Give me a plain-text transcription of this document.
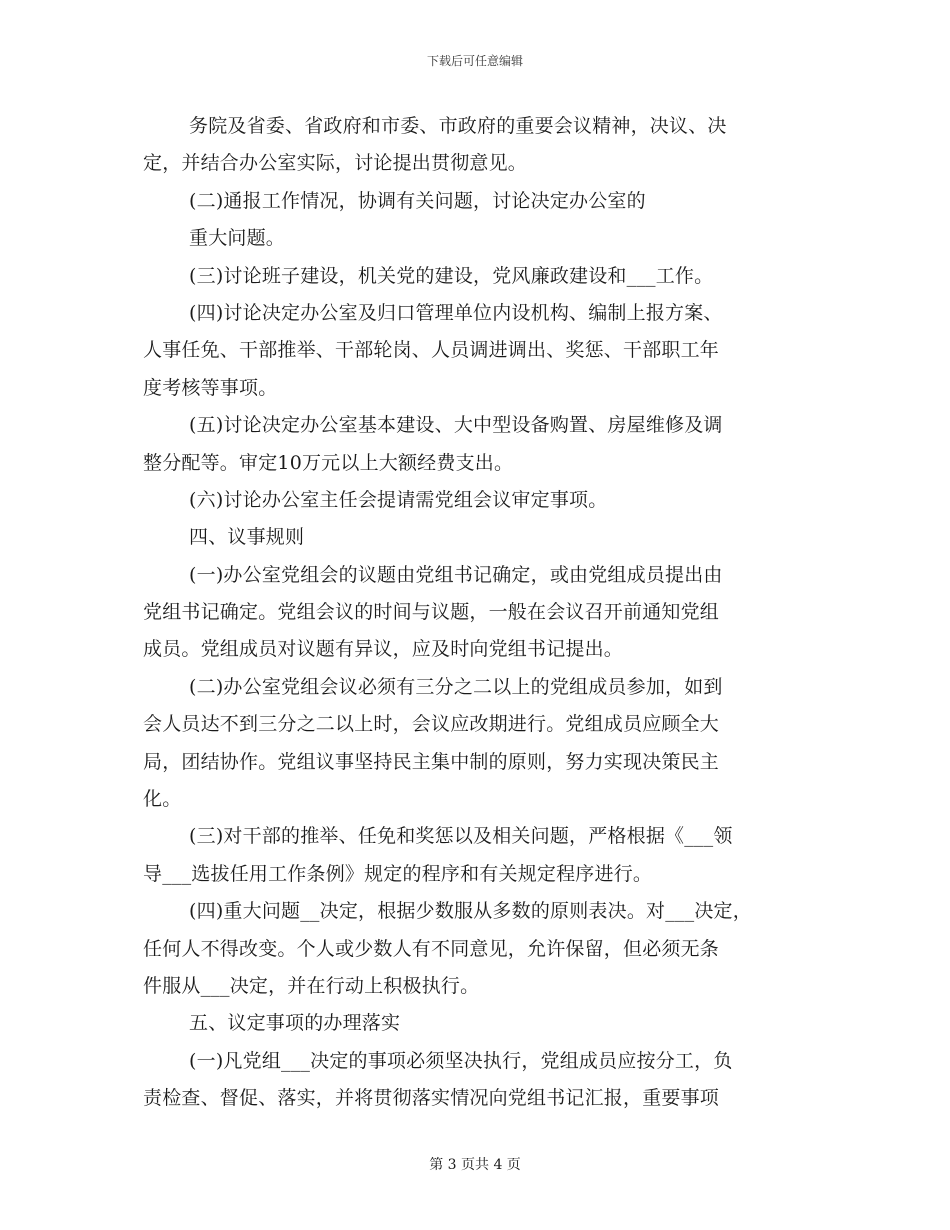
下载后可任意编辑
务院及省委、省政府和市委、市政府的重要会议精神，决议、决
定，并结合办公室实际，讨论提出贯彻意见。
(二)通报工作情况，协调有关问题，讨论决定办公室的
重大问题。
(三)讨论班子建设，机关党的建设，党风廉政建设和___工作。
(四)讨论决定办公室及归口管理单位内设机构、编制上报方案、
人事任免、干部推举、干部轮岗、人员调进调出、奖惩、干部职工年
度考核等事项。
(五)讨论决定办公室基本建设、大中型设备购置、房屋维修及调
整分配等。审定10万元以上大额经费支出。
(六)讨论办公室主任会提请需党组会议审定事项。
四、议事规则
(一)办公室党组会的议题由党组书记确定，或由党组成员提出由
党组书记确定。党组会议的时间与议题，一般在会议召开前通知党组
成员。党组成员对议题有异议，应及时向党组书记提出。
(二)办公室党组会议必须有三分之二以上的党组成员参加，如到
会人员达不到三分之二以上时，会议应改期进行。党组成员应顾全大
局，团结协作。党组议事坚持民主集中制的原则，努力实现决策民主
化。
(三)对干部的推举、任免和奖惩以及相关问题，严格根据《___领
导___选拔任用工作条例》规定的程序和有关规定程序进行。
(四)重大问题__决定，根据少数服从多数的原则表决。对___决定，
任何人不得改变。个人或少数人有不同意见，允许保留，但必须无条
件服从___决定，并在行动上积极执行。
五、议定事项的办理落实
(一)凡党组___决定的事项必须坚决执行，党组成员应按分工，负
责检查、督促、落实，并将贯彻落实情况向党组书记汇报，重要事项
第 3 页共 4 页
